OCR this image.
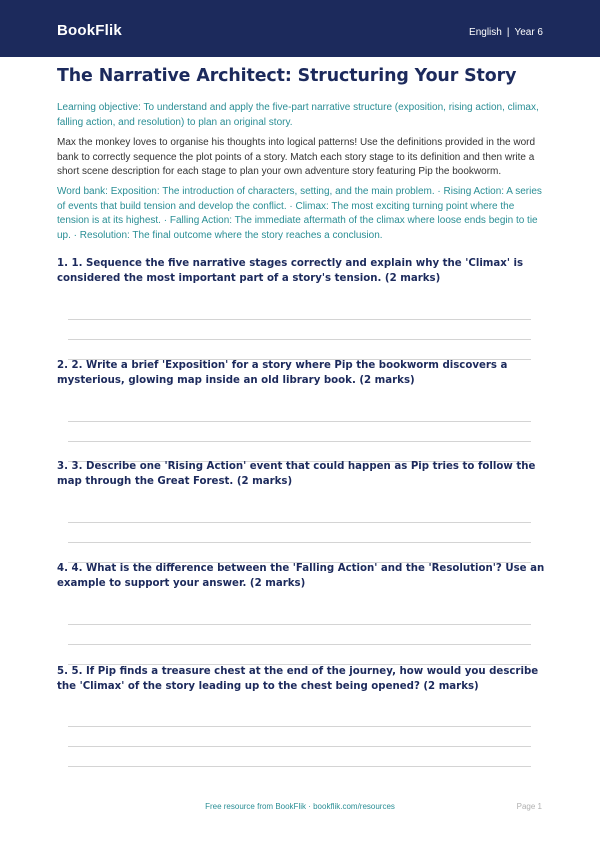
BookFlik	English | Year 6
The Narrative Architect: Structuring Your Story
Learning objective: To understand and apply the five-part narrative structure (exposition, rising action, climax, falling action, and resolution) to plan an original story.
Max the monkey loves to organise his thoughts into logical patterns! Use the definitions provided in the word bank to correctly sequence the plot points of a story. Match each story stage to its definition and then write a short scene description for each stage to plan your own adventure story featuring Pip the bookworm.
Word bank: Exposition: The introduction of characters, setting, and the main problem. · Rising Action: A series of events that build tension and develop the conflict. · Climax: The most exciting turning point where the tension is at its highest. · Falling Action: The immediate aftermath of the climax where loose ends begin to tie up. · Resolution: The final outcome where the story reaches a conclusion.
1. 1. Sequence the five narrative stages correctly and explain why the 'Climax' is considered the most important part of a story's tension. (2 marks)
2. 2. Write a brief 'Exposition' for a story where Pip the bookworm discovers a mysterious, glowing map inside an old library book. (2 marks)
3. 3. Describe one 'Rising Action' event that could happen as Pip tries to follow the map through the Great Forest. (2 marks)
4. 4. What is the difference between the 'Falling Action' and the 'Resolution'? Use an example to support your answer. (2 marks)
5. 5. If Pip finds a treasure chest at the end of the journey, how would you describe the 'Climax' of the story leading up to the chest being opened? (2 marks)
Free resource from BookFlik · bookflik.com/resources	Page 1
